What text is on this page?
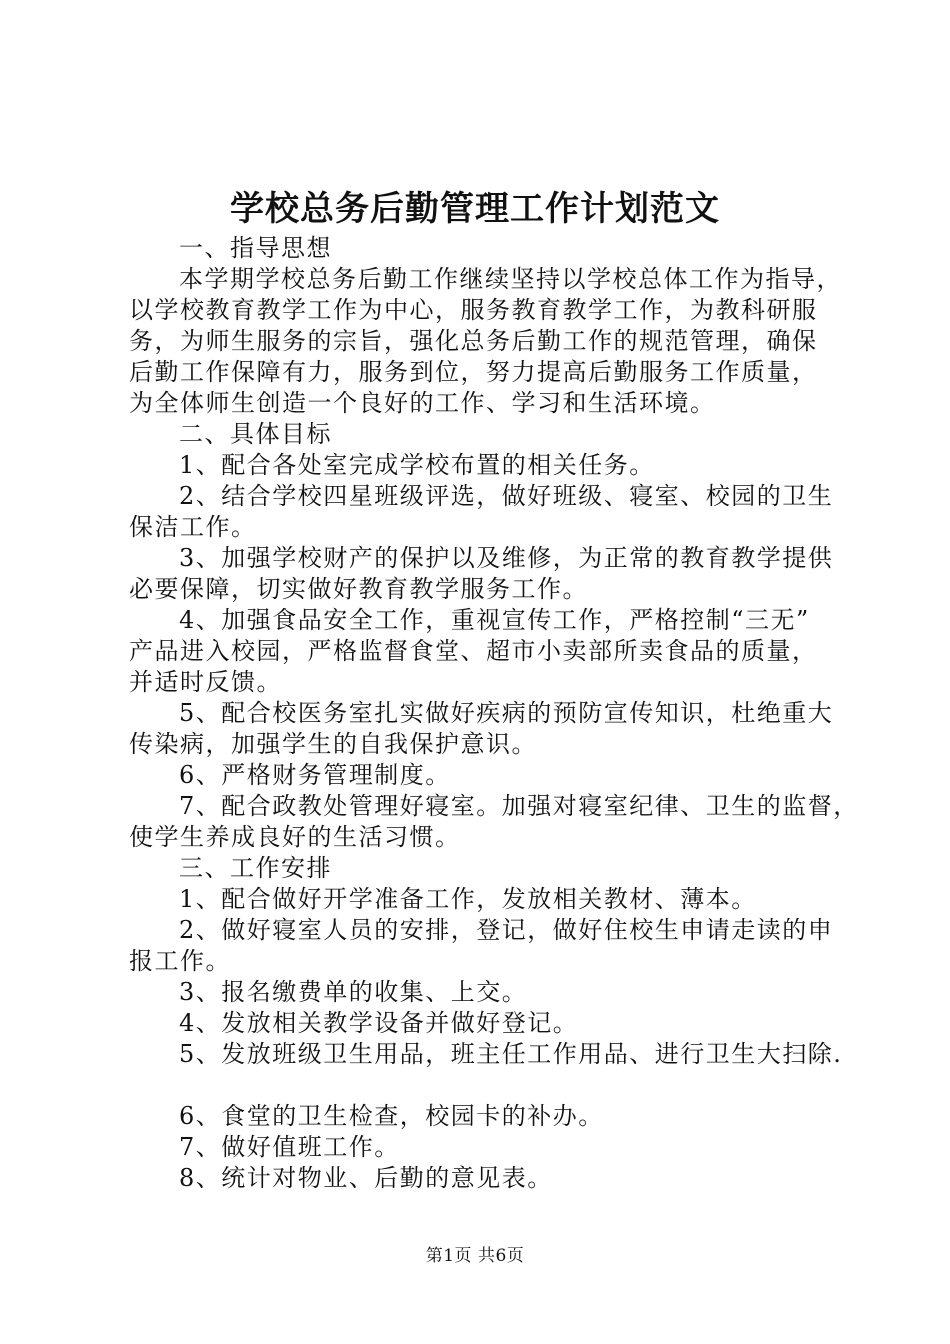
学校总务后勤管理工作计划范文

一、指导思想

本学期学校总务后勤工作继续坚持以学校总体工作为指导，

以学校教育教学工作为中心，服务教育教学工作，为教科研服

务，为师生服务的宗旨，强化总务后勤工作的规范管理，确保

后勤工作保障有力，服务到位，努力提高后勤服务工作质量，

为全体师生创造一个良好的工作、学习和生活环境。

二、具体目标

1、配合各处室完成学校布置的相关任务。

2、结合学校四星班级评选，做好班级、寝室、校园的卫生

保洁工作。

3、加强学校财产的保护以及维修，为正常的教育教学提供

必要保障，切实做好教育教学服务工作。

4、加强食品安全工作，重视宣传工作，严格控制“三无”

产品进入校园，严格监督食堂、超市小卖部所卖食品的质量，

并适时反馈。

5、配合校医务室扎实做好疾病的预防宣传知识，杜绝重大

传染病，加强学生的自我保护意识。

6、严格财务管理制度。

7、配合政教处管理好寝室。加强对寝室纪律、卫生的监督，

使学生养成良好的生活习惯。

三、工作安排

1、配合做好开学准备工作，发放相关教材、薄本。

2、做好寝室人员的安排，登记，做好住校生申请走读的申

报工作。

3、报名缴费单的收集、上交。

4、发放相关教学设备并做好登记。

5、发放班级卫生用品，班主任工作用品、进行卫生大扫除.

6、食堂的卫生检查，校园卡的补办。

7、做好值班工作。

8、统计对物业、后勤的意见表。

第1页 共6页
